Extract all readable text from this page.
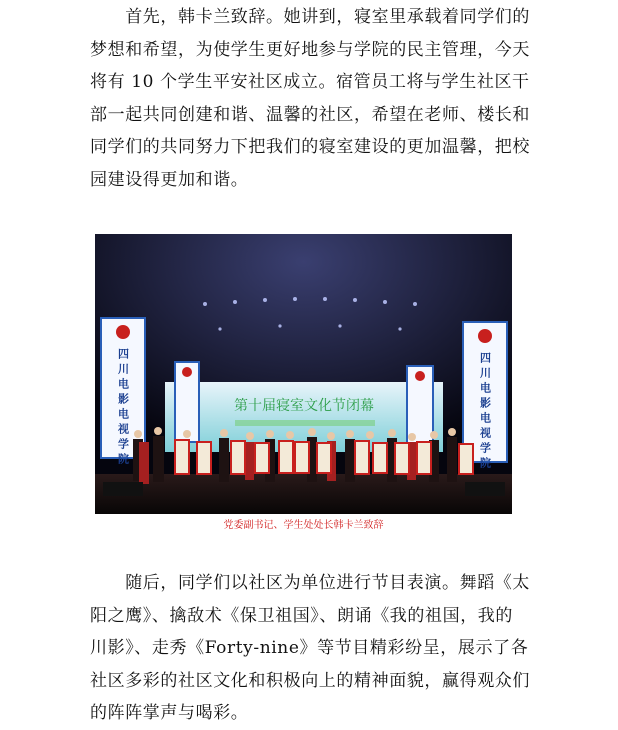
　　首先，韩卡兰致辞。她讲到，寝室里承载着同学们的梦想和希望，为使学生更好地参与学院的民主管理，今天将有 10 个学生平安社区成立。宿管员工将与学生社区干部一起共同创建和谐、温馨的社区，希望在老师、楼长和同学们的共同努力下把我们的寝室建设的更加温馨，把校园建设得更加和谐。

第十届寝室文化节闭幕
四川电影电视学院	四川电影电视学院
党委副书记、学生处处长韩卡兰致辞

　　随后，同学们以社区为单位进行节目表演。舞蹈《太阳之鹰》、擒敌术《保卫祖国》、朗诵《我的祖国，我的川影》、走秀《Forty-nine》等节目精彩纷呈，展示了各社区多彩的社区文化和积极向上的精神面貌，赢得观众们的阵阵掌声与喝彩。
